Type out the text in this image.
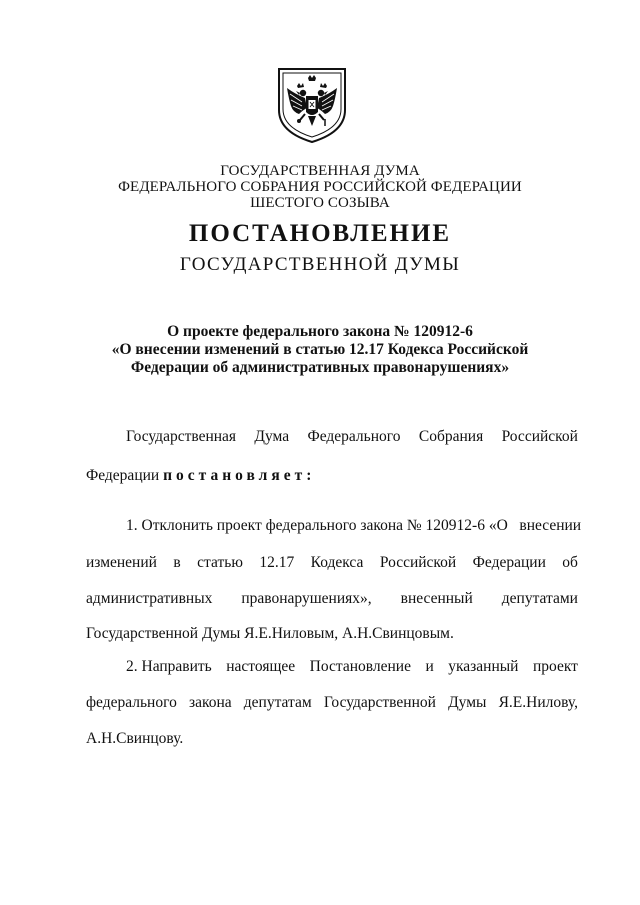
ГОСУДАРСТВЕННАЯ ДУМА
ФЕДЕРАЛЬНОГО СОБРАНИЯ РОССИЙСКОЙ ФЕДЕРАЦИИ
ШЕСТОГО СОЗЫВА
ПОСТАНОВЛЕНИЕ
ГОСУДАРСТВЕННОЙ ДУМЫ
О проекте федерального закона № 120912-6
«О внесении изменений в статью 12.17 Кодекса Российской
Федерации об административных правонарушениях»
Государственная Дума Федерального Собрания Российской
Федерации постановляет:
1. Отклонить проект федерального закона № 120912-6 «О   внесении
изменений в статью 12.17 Кодекса Российской Федерации об
административных правонарушениях», внесенный депутатами
Государственной Думы Я.Е.Ниловым, А.Н.Свинцовым.
2. Направить настоящее Постановление и указанный проект
федерального закона депутатам Государственной Думы Я.Е.Нилову,
А.Н.Свинцову.
